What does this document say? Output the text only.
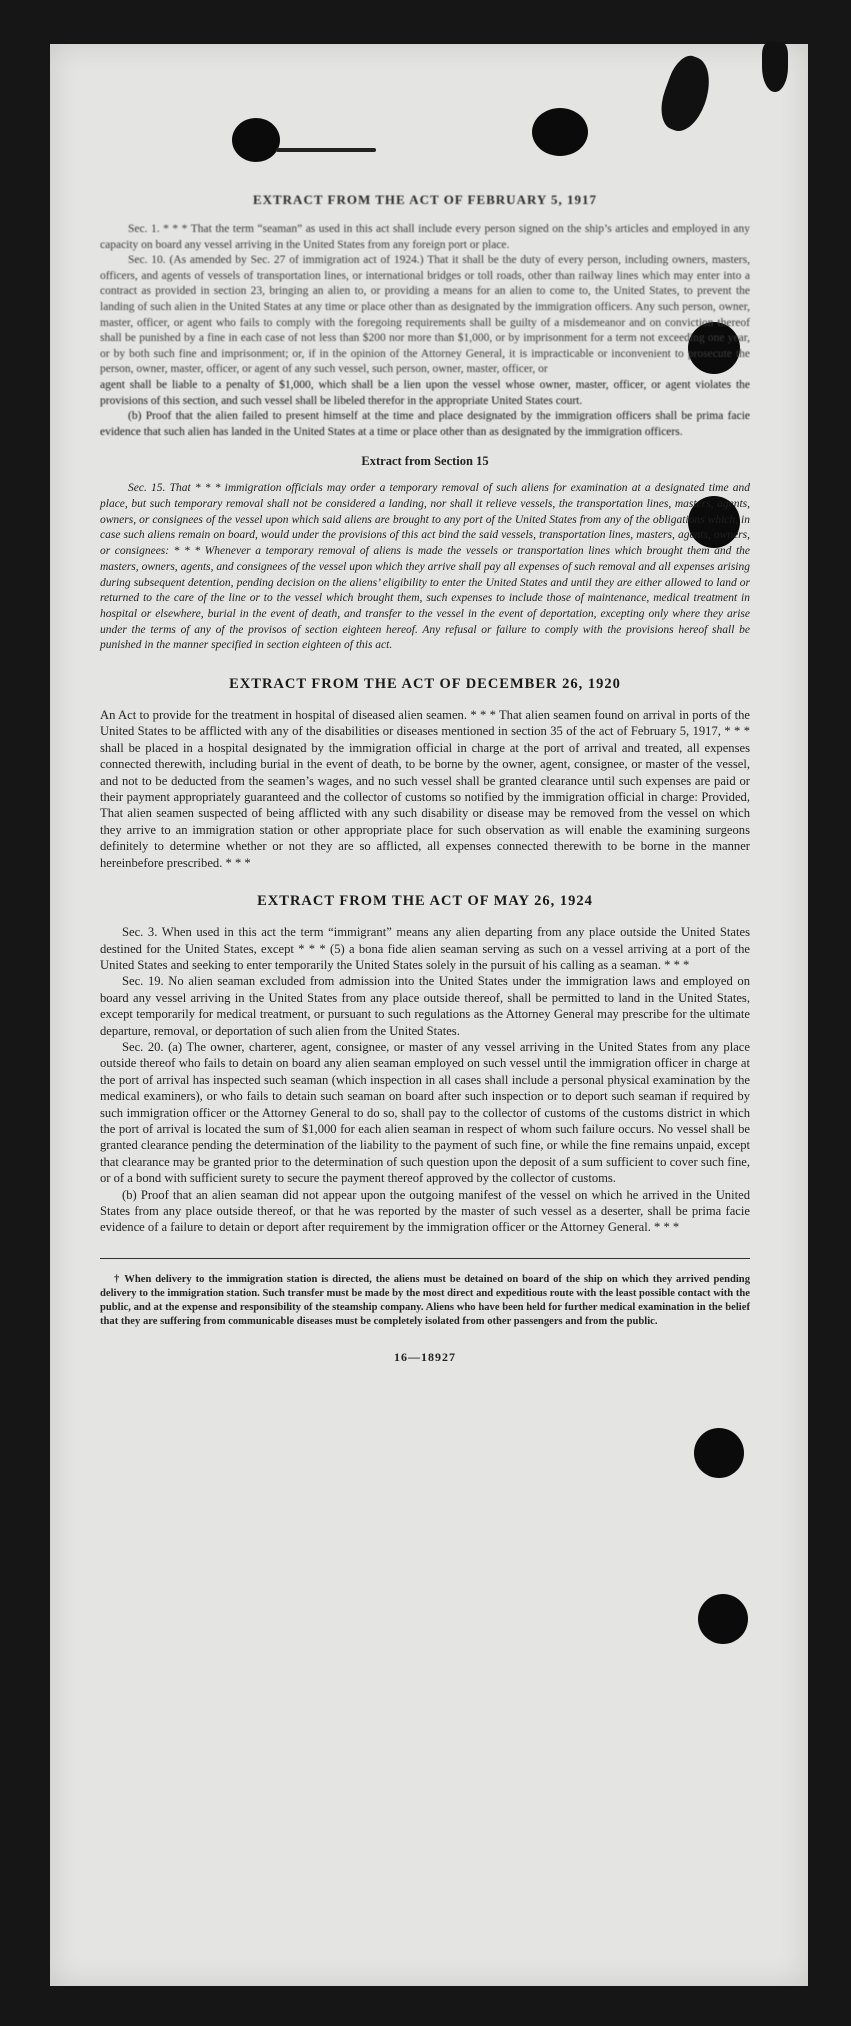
EXTRACT FROM THE ACT OF FEBRUARY 5, 1917

Sec. 1. * * * That the term “seaman” as used in this act shall include every person signed on the ship’s articles and employed in any capacity on board any vessel arriving in the United States from any foreign port or place.

Sec. 10. (As amended by Sec. 27 of immigration act of 1924.) That it shall be the duty of every person, including owners, masters, officers, and agents of vessels of transportation lines, or international bridges or toll roads, other than railway lines which may enter into a contract as provided in section 23, bringing an alien to, or providing a means for an alien to come to, the United States, to prevent the landing of such alien in the United States at any time or place other than as designated by the immigration officers. Any such person, owner, master, officer, or agent who fails to comply with the foregoing requirements shall be guilty of a misdemeanor and on conviction thereof shall be punished by a fine in each case of not less than $200 nor more than $1,000, or by imprisonment for a term not exceeding one year, or by both such fine and imprisonment; or, if in the opinion of the Attorney General, it is impracticable or inconvenient to prosecute the person, owner, master, officer, or agent of any such vessel, such person, owner, master, officer, or

agent shall be liable to a penalty of $1,000, which shall be a lien upon the vessel whose owner, master, officer, or agent violates the provisions of this section, and such vessel shall be libeled therefor in the appropriate United States court.

(b) Proof that the alien failed to present himself at the time and place designated by the immigration officers shall be prima facie evidence that such alien has landed in the United States at a time or place other than as designated by the immigration officers.

Extract from Section 15

Sec. 15. That * * * immigration officials may order a temporary removal of such aliens for examination at a designated time and place, but such temporary removal shall not be considered a landing, nor shall it relieve vessels, the transportation lines, masters, agents, owners, or consignees of the vessel upon which said aliens are brought to any port of the United States from any of the obligations which, in case such aliens remain on board, would under the provisions of this act bind the said vessels, transportation lines, masters, agents, owners, or consignees: * * * Whenever a temporary removal of aliens is made the vessels or transportation lines which brought them and the masters, owners, agents, and consignees of the vessel upon which they arrive shall pay all expenses of such removal and all expenses arising during subsequent detention, pending decision on the aliens’ eligibility to enter the United States and until they are either allowed to land or returned to the care of the line or to the vessel which brought them, such expenses to include those of maintenance, medical treatment in hospital or elsewhere, burial in the event of death, and transfer to the vessel in the event of deportation, excepting only where they arise under the terms of any of the provisos of section eighteen hereof. Any refusal or failure to comply with the provisions hereof shall be punished in the manner specified in section eighteen of this act.

EXTRACT FROM THE ACT OF DECEMBER 26, 1920

An Act to provide for the treatment in hospital of diseased alien seamen. * * * That alien seamen found on arrival in ports of the United States to be afflicted with any of the disabilities or diseases mentioned in section 35 of the act of February 5, 1917, * * * shall be placed in a hospital designated by the immigration official in charge at the port of arrival and treated, all expenses connected therewith, including burial in the event of death, to be borne by the owner, agent, consignee, or master of the vessel, and not to be deducted from the seamen’s wages, and no such vessel shall be granted clearance until such expenses are paid or their payment appropriately guaranteed and the collector of customs so notified by the immigration official in charge: Provided, That alien seamen suspected of being afflicted with any such disability or disease may be removed from the vessel on which they arrive to an immigration station or other appropriate place for such observation as will enable the examining surgeons definitely to determine whether or not they are so afflicted, all expenses connected therewith to be borne in the manner hereinbefore prescribed. * * *

EXTRACT FROM THE ACT OF MAY 26, 1924

Sec. 3. When used in this act the term “immigrant” means any alien departing from any place outside the United States destined for the United States, except * * * (5) a bona fide alien seaman serving as such on a vessel arriving at a port of the United States and seeking to enter temporarily the United States solely in the pursuit of his calling as a seaman. * * *

Sec. 19. No alien seaman excluded from admission into the United States under the immigration laws and employed on board any vessel arriving in the United States from any place outside thereof, shall be permitted to land in the United States, except temporarily for medical treatment, or pursuant to such regulations as the Attorney General may prescribe for the ultimate departure, removal, or deportation of such alien from the United States.

Sec. 20. (a) The owner, charterer, agent, consignee, or master of any vessel arriving in the United States from any place outside thereof who fails to detain on board any alien seaman employed on such vessel until the immigration officer in charge at the port of arrival has inspected such seaman (which inspection in all cases shall include a personal physical examination by the medical examiners), or who fails to detain such seaman on board after such inspection or to deport such seaman if required by such immigration officer or the Attorney General to do so, shall pay to the collector of customs of the customs district in which the port of arrival is located the sum of $1,000 for each alien seaman in respect of whom such failure occurs. No vessel shall be granted clearance pending the determination of the liability to the payment of such fine, or while the fine remains unpaid, except that clearance may be granted prior to the determination of such question upon the deposit of a sum sufficient to cover such fine, or of a bond with sufficient surety to secure the payment thereof approved by the collector of customs.

(b) Proof that an alien seaman did not appear upon the outgoing manifest of the vessel on which he arrived in the United States from any place outside thereof, or that he was reported by the master of such vessel as a deserter, shall be prima facie evidence of a failure to detain or deport after requirement by the immigration officer or the Attorney General. * * *

† When delivery to the immigration station is directed, the aliens must be detained on board of the ship on which they arrived pending delivery to the immigration station. Such transfer must be made by the most direct and expeditious route with the least possible contact with the public, and at the expense and responsibility of the steamship company. Aliens who have been held for further medical examination in the belief that they are suffering from communicable diseases must be completely isolated from other passengers and from the public.

16—18927
